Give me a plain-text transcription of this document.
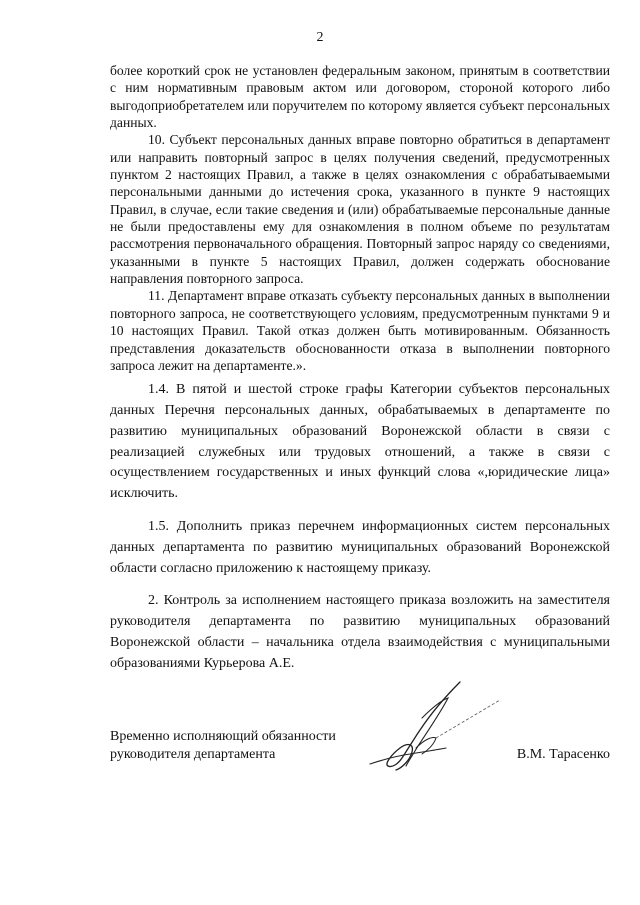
2

более короткий срок не установлен федеральным законом, принятым в соответствии с ним нормативным правовым актом или договором, стороной которого либо выгодоприобретателем или поручителем по которому является субъект персональных данных.

10. Субъект персональных данных вправе повторно обратиться в департамент или направить повторный запрос в целях получения сведений, предусмотренных пунктом 2 настоящих Правил, а также в целях ознакомления с обрабатываемыми персональными данными до истечения срока, указанного в пункте 9 настоящих Правил, в случае, если такие сведения и (или) обрабатываемые персональные данные не были предоставлены ему для ознакомления в полном объеме по результатам рассмотрения первоначального обращения. Повторный запрос наряду со сведениями, указанными в пункте 5 настоящих Правил, должен содержать обоснование направления повторного запроса.

11. Департамент вправе отказать субъекту персональных данных в выполнении повторного запроса, не соответствующего условиям, предусмотренным пунктами 9 и 10 настоящих Правил. Такой отказ должен быть мотивированным. Обязанность представления доказательств обоснованности отказа в выполнении повторного запроса лежит на департаменте.».

1.4. В пятой и шестой строке графы Категории субъектов персональных данных Перечня персональных данных, обрабатываемых в департаменте по развитию муниципальных образований Воронежской области в связи с реализацией служебных или трудовых отношений, а также в связи с осуществлением государственных и иных функций слова «,юридические лица» исключить.

1.5. Дополнить приказ перечнем информационных систем персональных данных департамента по развитию муниципальных образований Воронежской области согласно приложению к настоящему приказу.

2. Контроль за исполнением настоящего приказа возложить на заместителя руководителя департамента по развитию муниципальных образований Воронежской области – начальника отдела взаимодействия с муниципальными образованиями Курьерова А.Е.

Временно исполняющий обязанности
руководителя департамента	В.М. Тарасенко
